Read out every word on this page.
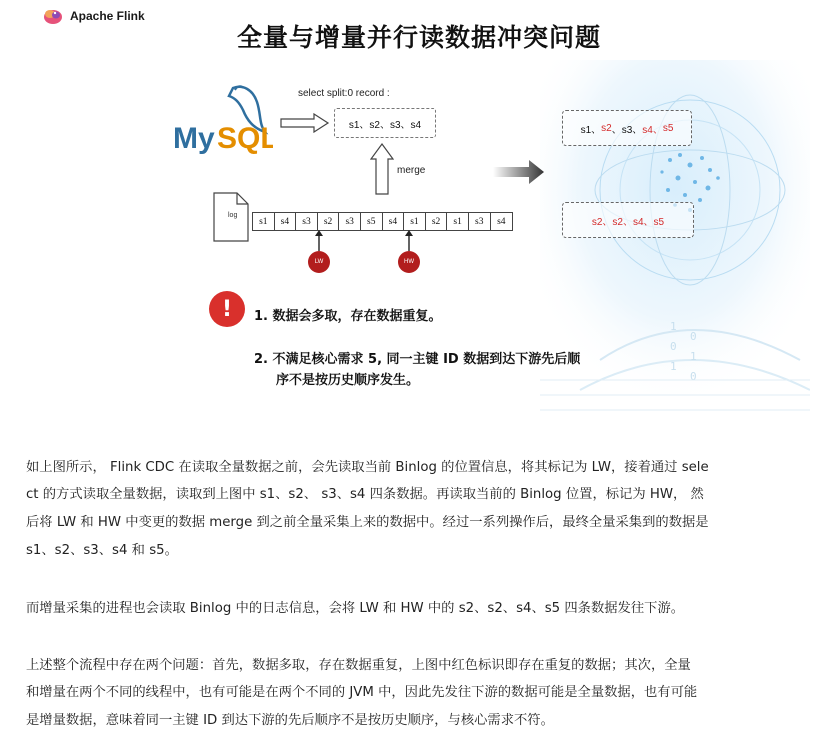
Apache Flink
全量与增量并行读数据冲突问题
1
0
1
0
1
0
My SQL
select split:0 record :
s1、s2、s3、s4
merge
log
s1	s4	s3	s2	s3	s5	s4	s1	s2	s1	s3	s4
LW	HW
s1、 s2 、s3、 s4、 s5
s2、s2、s4、s5
!	1. 数据会多取，存在数据重复。
2. 不满足核心需求 5, 同一主键 ID 数据到达下游先后顺
序不是按历史顺序发生。

如上图所示， Flink CDC 在读取全量数据之前，会先读取当前 Binlog 的位置信息，将其标记为 LW，接着通过 sele

ct 的方式读取全量数据，读取到上图中 s1、s2、 s3、s4 四条数据。再读取当前的 Binlog 位置，标记为 HW， 然

后将 LW 和 HW 中变更的数据 merge 到之前全量采集上来的数据中。经过一系列操作后，最终全量采集到的数据是

s1、s2、s3、s4 和 s5。

而增量采集的进程也会读取 Binlog 中的日志信息，会将 LW 和 HW 中的 s2、s2、s4、s5 四条数据发往下游。

上述整个流程中存在两个问题：首先，数据多取，存在数据重复，上图中红色标识即存在重复的数据；其次，全量

和增量在两个不同的线程中，也有可能是在两个不同的 JVM 中，因此先发往下游的数据可能是全量数据，也有可能

是增量数据，意味着同一主键 ID 到达下游的先后顺序不是按历史顺序，与核心需求不符。
